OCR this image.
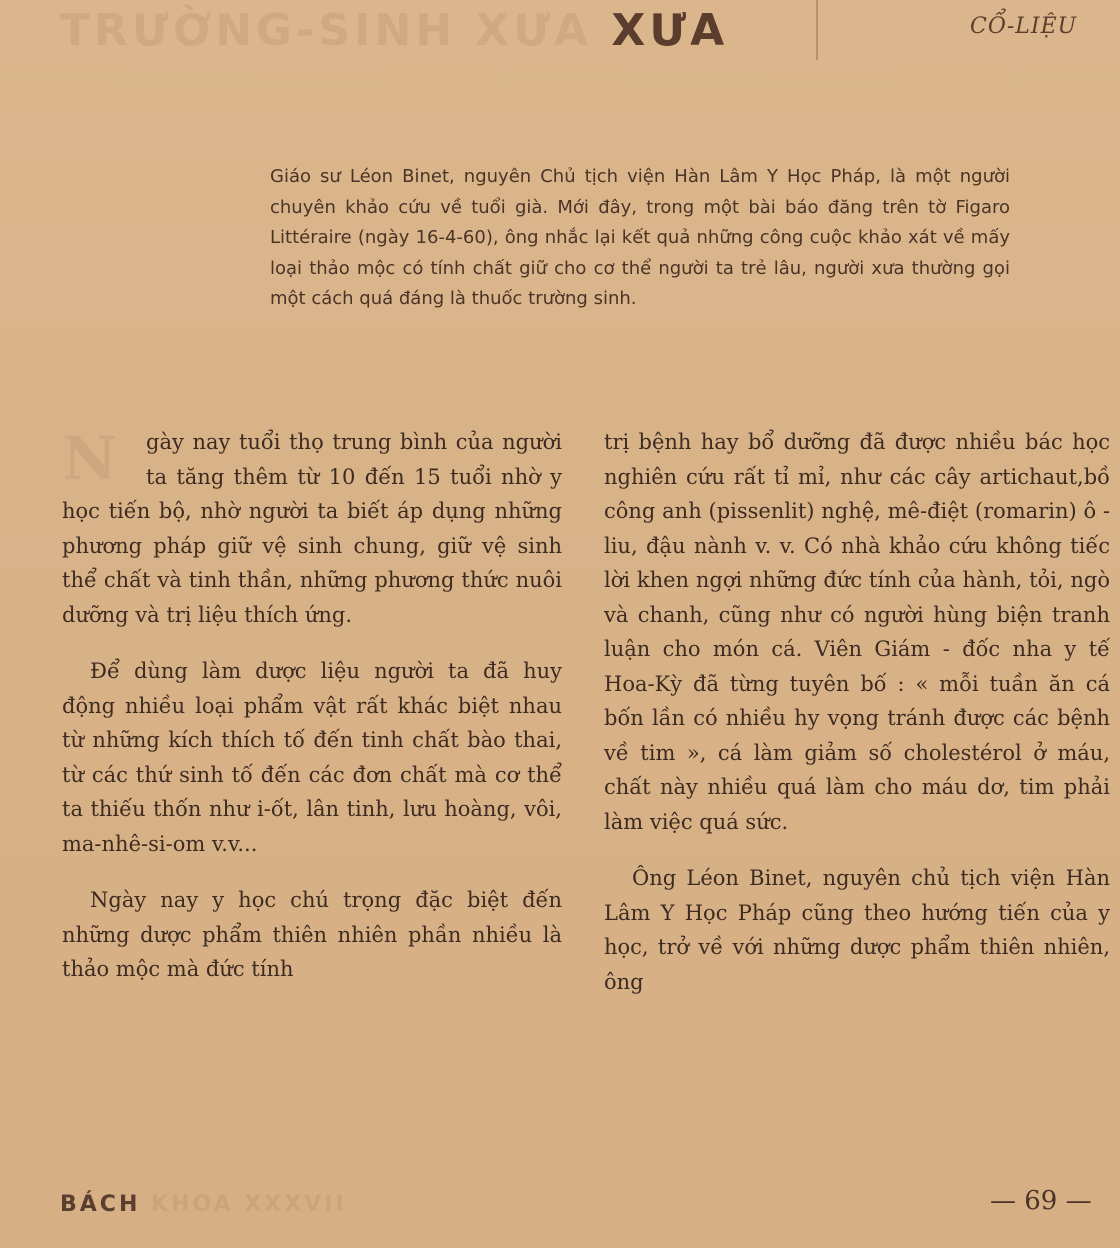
TRƯỜNG-SINH XƯA XƯA	CỔ-LIỆU
Giáo sư Léon Binet, nguyên Chủ tịch viện Hàn Lâm Y Học Pháp, là một người chuyên khảo cứu về tuổi già. Mới đây, trong một bài báo đăng trên tờ Figaro Littéraire (ngày 16-4-60), ông nhắc lại kết quả những công cuộc khảo xát về mấy loại thảo mộc có tính chất giữ cho cơ thể người ta trẻ lâu, người xưa thường gọi một cách quá đáng là thuốc trường sinh.

N	gày nay tuổi thọ trung bình của người ta tăng thêm từ 10 đến 15 tuổi nhờ y học tiến bộ, nhờ người ta biết áp dụng những phương pháp giữ vệ sinh chung, giữ vệ sinh thể chất và tinh thần, những phương thức nuôi dưỡng và trị liệu thích ứng.

Để dùng làm dược liệu người ta đã huy động nhiều loại phẩm vật rất khác biệt nhau từ những kích thích tố đến tinh chất bào thai, từ các thứ sinh tố đến các đơn chất mà cơ thể ta thiếu thốn như i-ốt, lân tinh, lưu hoàng, vôi, ma-nhê-si-om v.v...

Ngày nay y học chú trọng đặc biệt đến những dược phẩm thiên nhiên phần nhiều là thảo mộc mà đức tính

trị bệnh hay bổ dưỡng đã được nhiều bác học nghiên cứu rất tỉ mỉ, như các cây artichaut,bồ công anh (pissenlit) nghệ, mê-điệt (romarin) ô - liu, đậu nành v. v. Có nhà khảo cứu không tiếc lời khen ngợi những đức tính của hành, tỏi, ngò và chanh, cũng như có người hùng biện tranh luận cho món cá. Viên Giám - đốc nha y tế Hoa-Kỳ đã từng tuyên bố : « mỗi tuần ăn cá bốn lần có nhiều hy vọng tránh được các bệnh về tim », cá làm giảm số cholestérol ở máu, chất này nhiều quá làm cho máu dơ, tim phải làm việc quá sức.

Ông Léon Binet, nguyên chủ tịch viện Hàn Lâm Y Học Pháp cũng theo hướng tiến của y học, trở về với những dược phẩm thiên nhiên, ông

BÁCH KHOA XXXVII	— 69 —
